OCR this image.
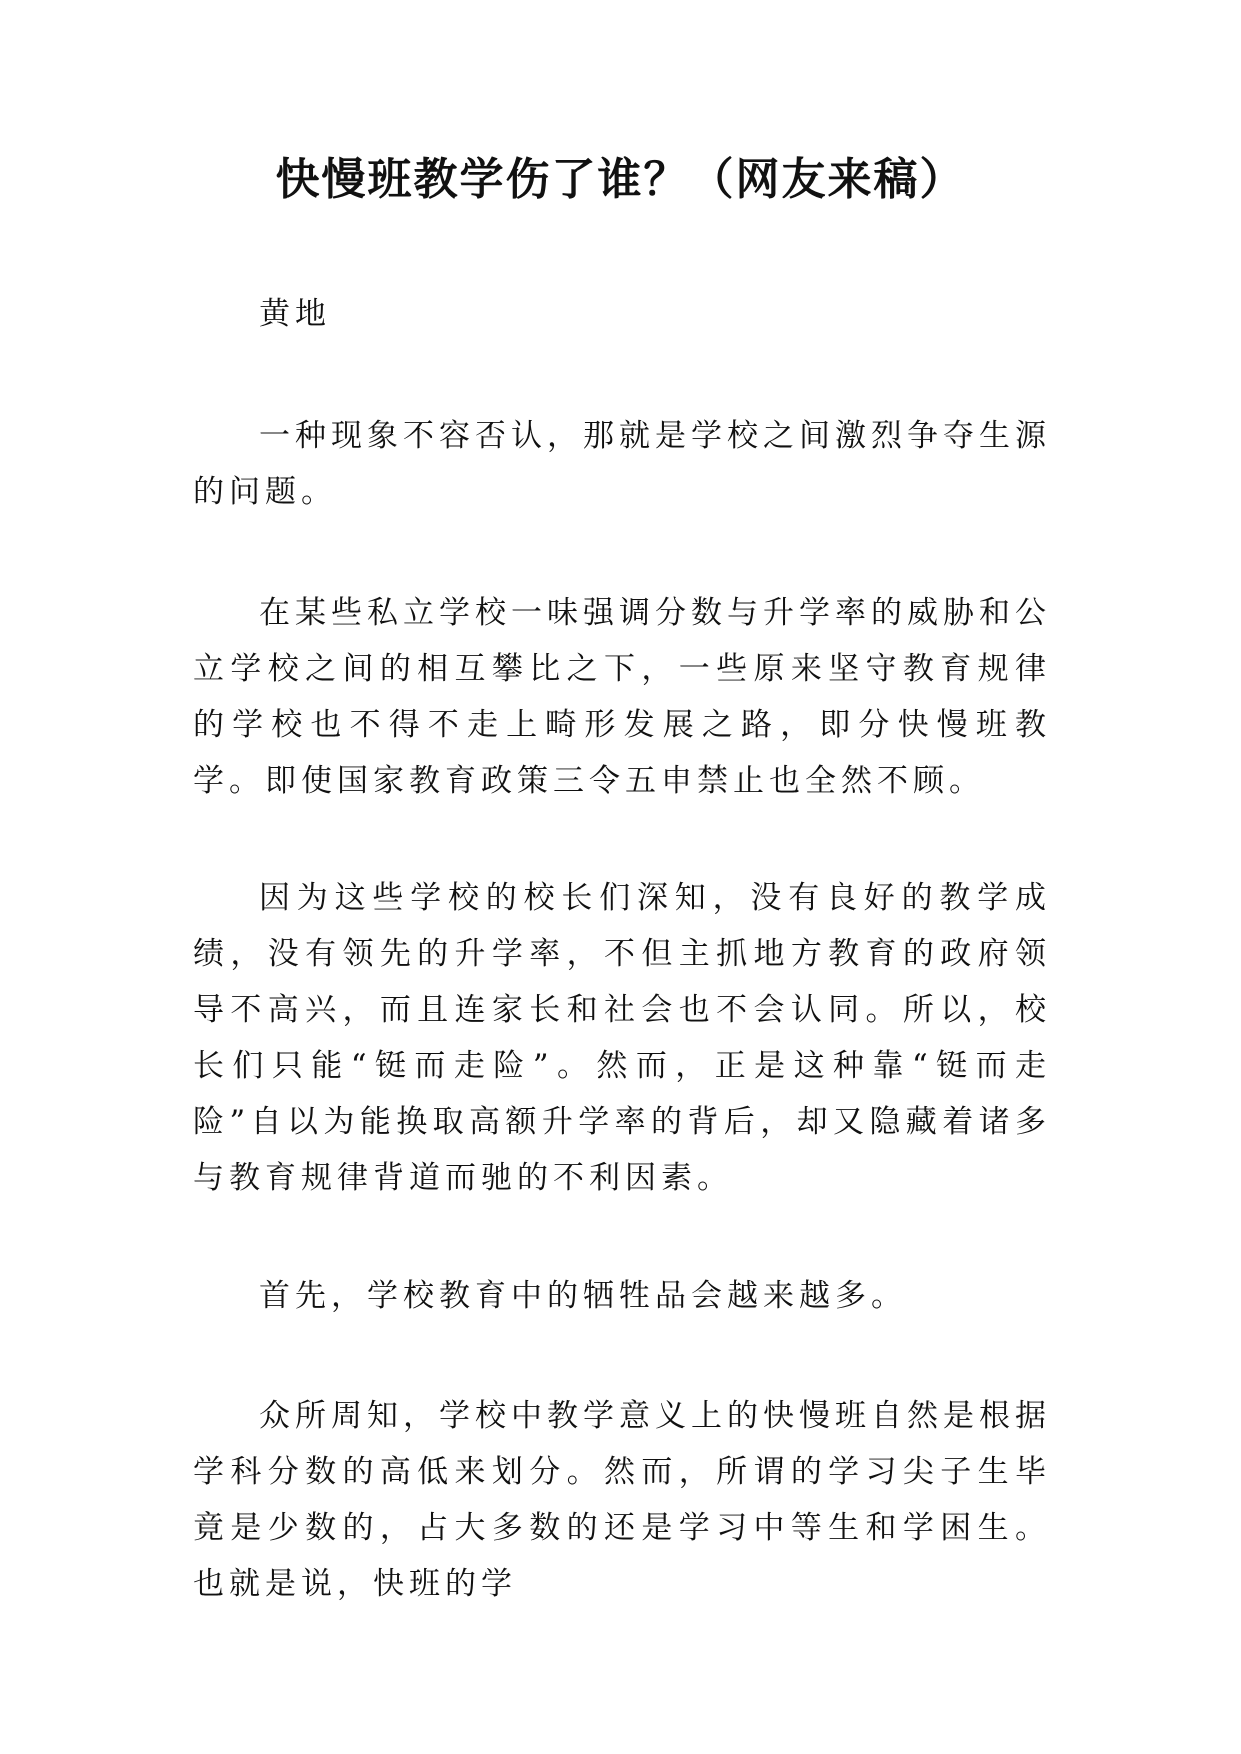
快慢班教学伤了谁？（网友来稿）

黄地

一种现象不容否认，那就是学校之间激烈争夺生源的问题。

在某些私立学校一味强调分数与升学率的威胁和公立学校之间的相互攀比之下，一些原来坚守教育规律的学校也不得不走上畸形发展之路，即分快慢班教学。即使国家教育政策三令五申禁止也全然不顾。

因为这些学校的校长们深知，没有良好的教学成绩，没有领先的升学率，不但主抓地方教育的政府领导不高兴，而且连家长和社会也不会认同。所以，校长们只能“铤而走险”。然而，正是这种靠“铤而走险”自以为能换取高额升学率的背后，却又隐藏着诸多与教育规律背道而驰的不利因素。

首先，学校教育中的牺牲品会越来越多。

众所周知，学校中教学意义上的快慢班自然是根据学科分数的高低来划分。然而，所谓的学习尖子生毕竟是少数的，占大多数的还是学习中等生和学困生。也就是说，快班的学
